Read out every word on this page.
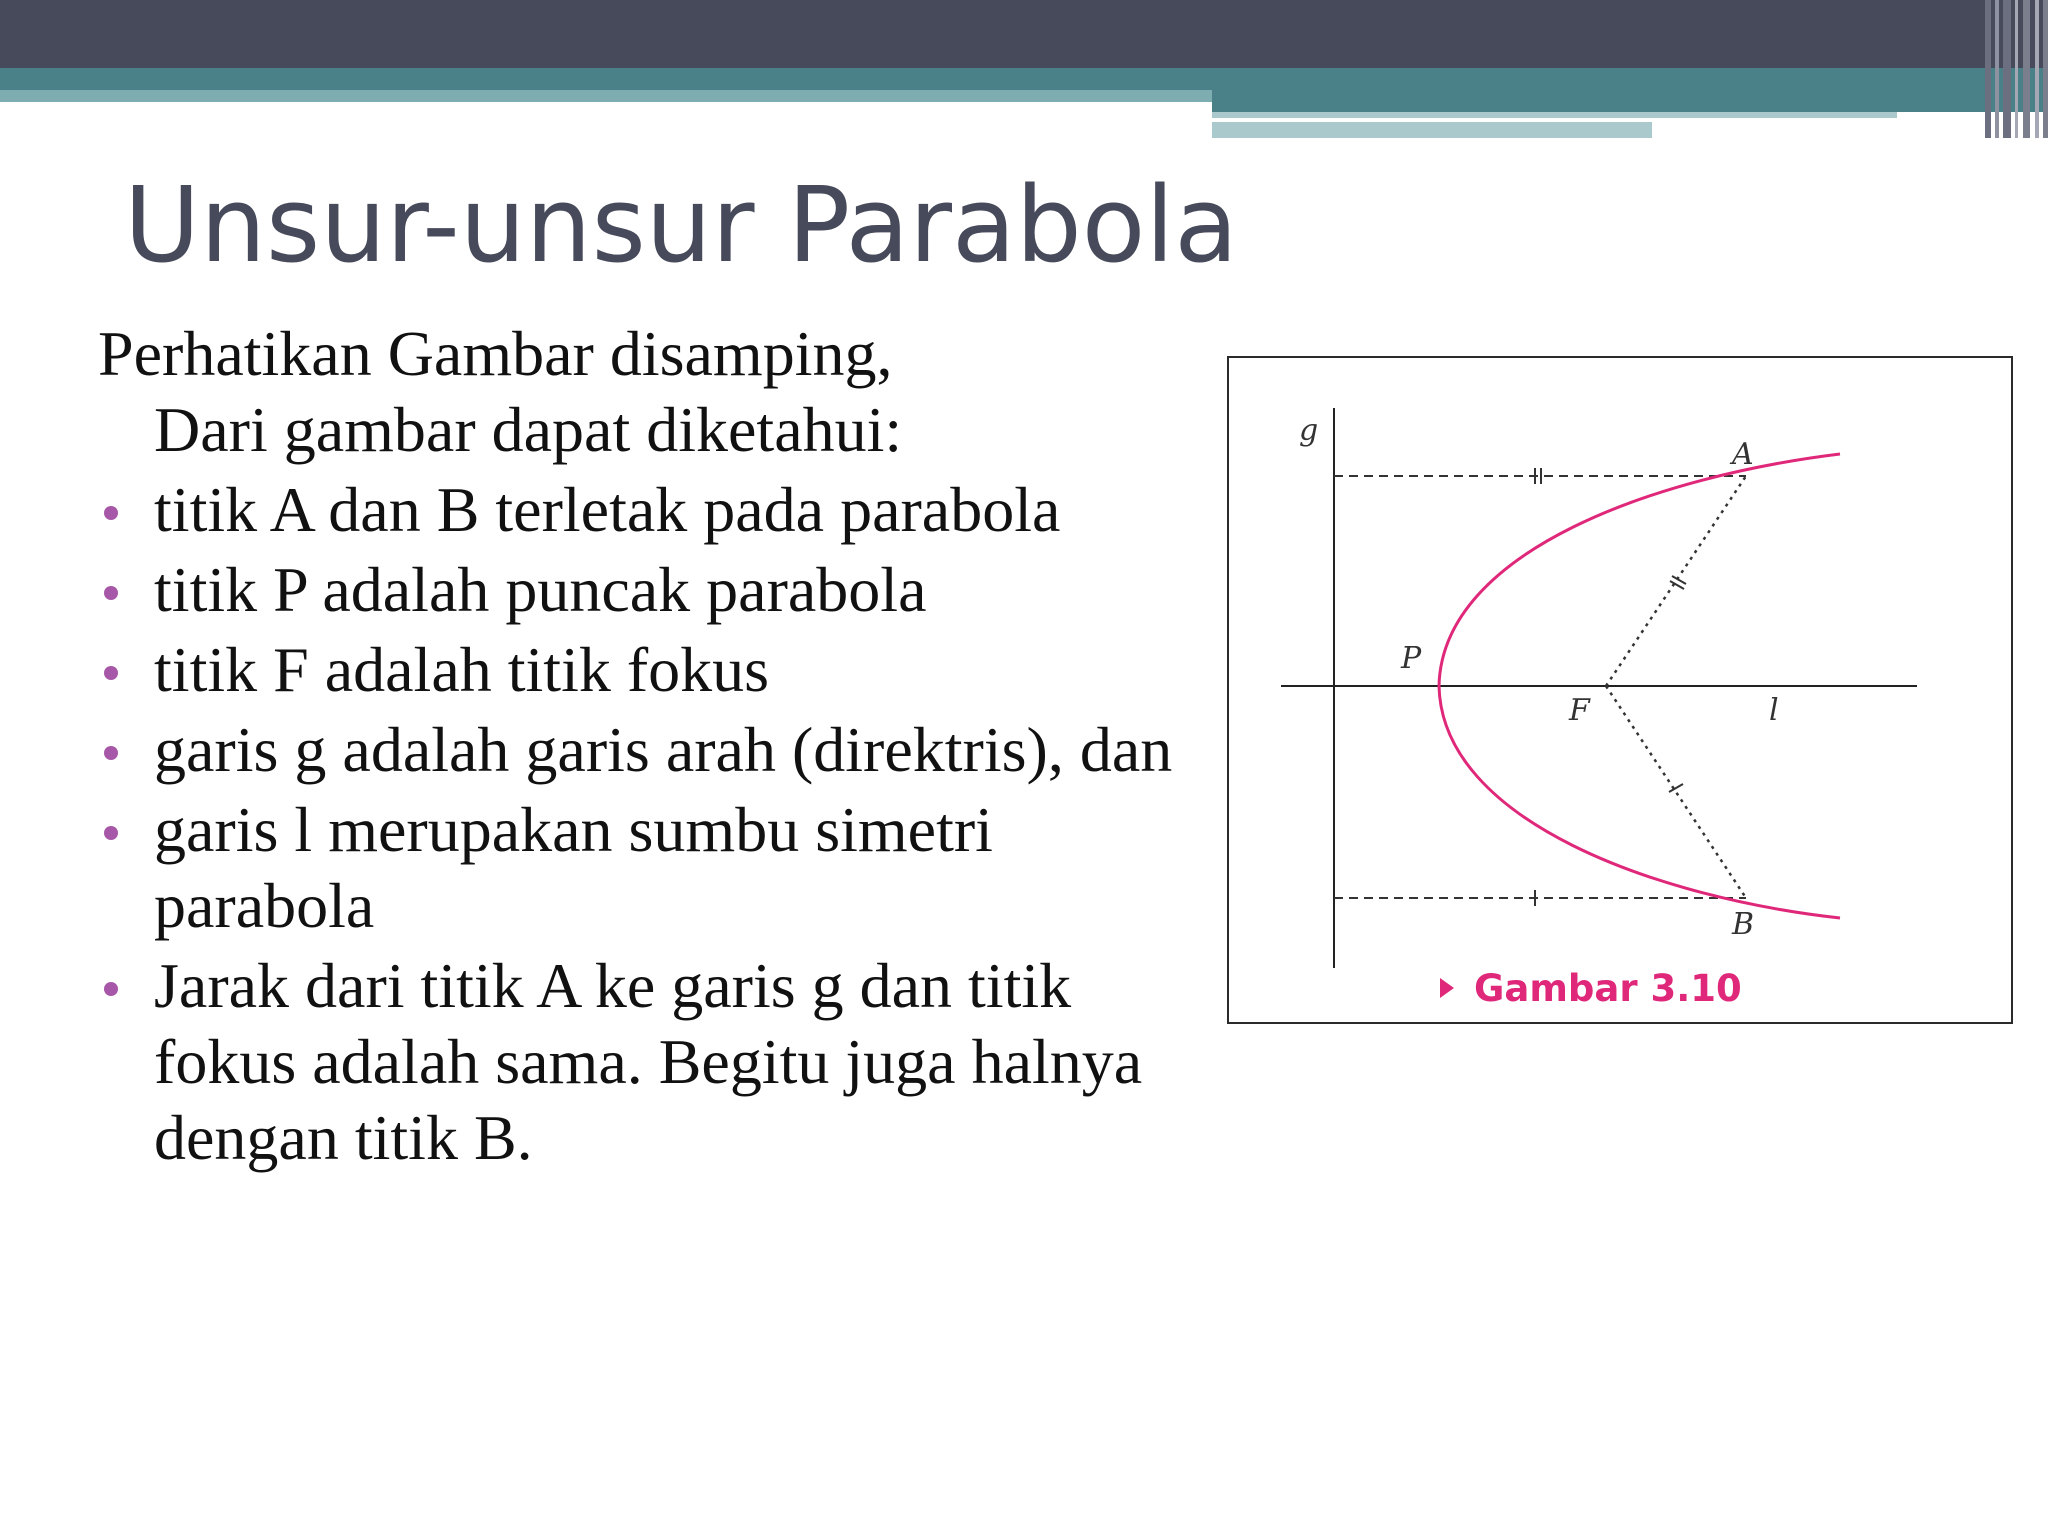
Unsur-unsur Parabola

Perhatikan Gambar disamping,
Dari gambar dapat diketahui:

titik A dan B terletak pada parabola
titik P adalah puncak parabola
titik F adalah titik fokus
garis g adalah garis arah (direktris), dan
garis l merupakan sumbu simetri parabola
Jarak dari titik A ke garis g dan titik fokus adalah sama. Begitu juga halnya dengan titik B.
g
A
P
F	l
B
Gambar 3.10
